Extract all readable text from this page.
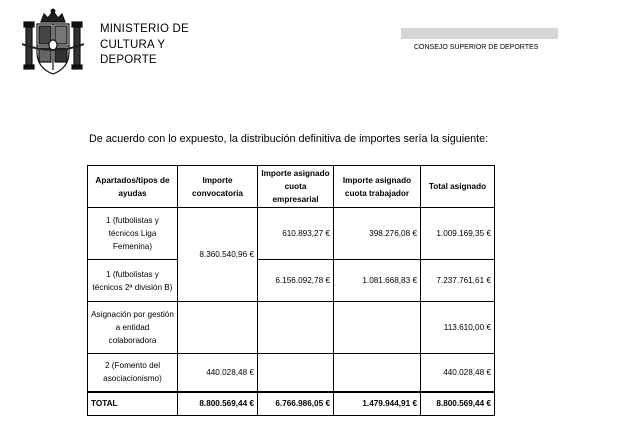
MINISTERIO DE
CULTURA Y
DEPORTE
CONSEJO SUPERIOR DE DEPORTES

De acuerdo con lo expuesto, la distribución definitiva de importes sería la siguiente:

Apartados/tipos de ayudas	Importe convocatoria	Importe asignado cuota empresarial	Importe asignado cuota trabajador	Total asignado
1 (futbolistas y técnicos Liga Femenina)	8.360.540,96 €	610.893,27 €	398.276,08 €	1.009.169,35 €
1 (futbolistas y técnicos 2ª división B)		6.156.092,78 €	1.081.668,83 €	7.237.761,61 €
Asignación por gestión a entidad colaboradora				113.610,00 €
2 (Fomento del asociacionismo)	440.028,48 €			440.028,48 €
TOTAL	8.800.569,44 €	6.766.986,05 €	1.479.944,91 €	8.800.569,44 €
